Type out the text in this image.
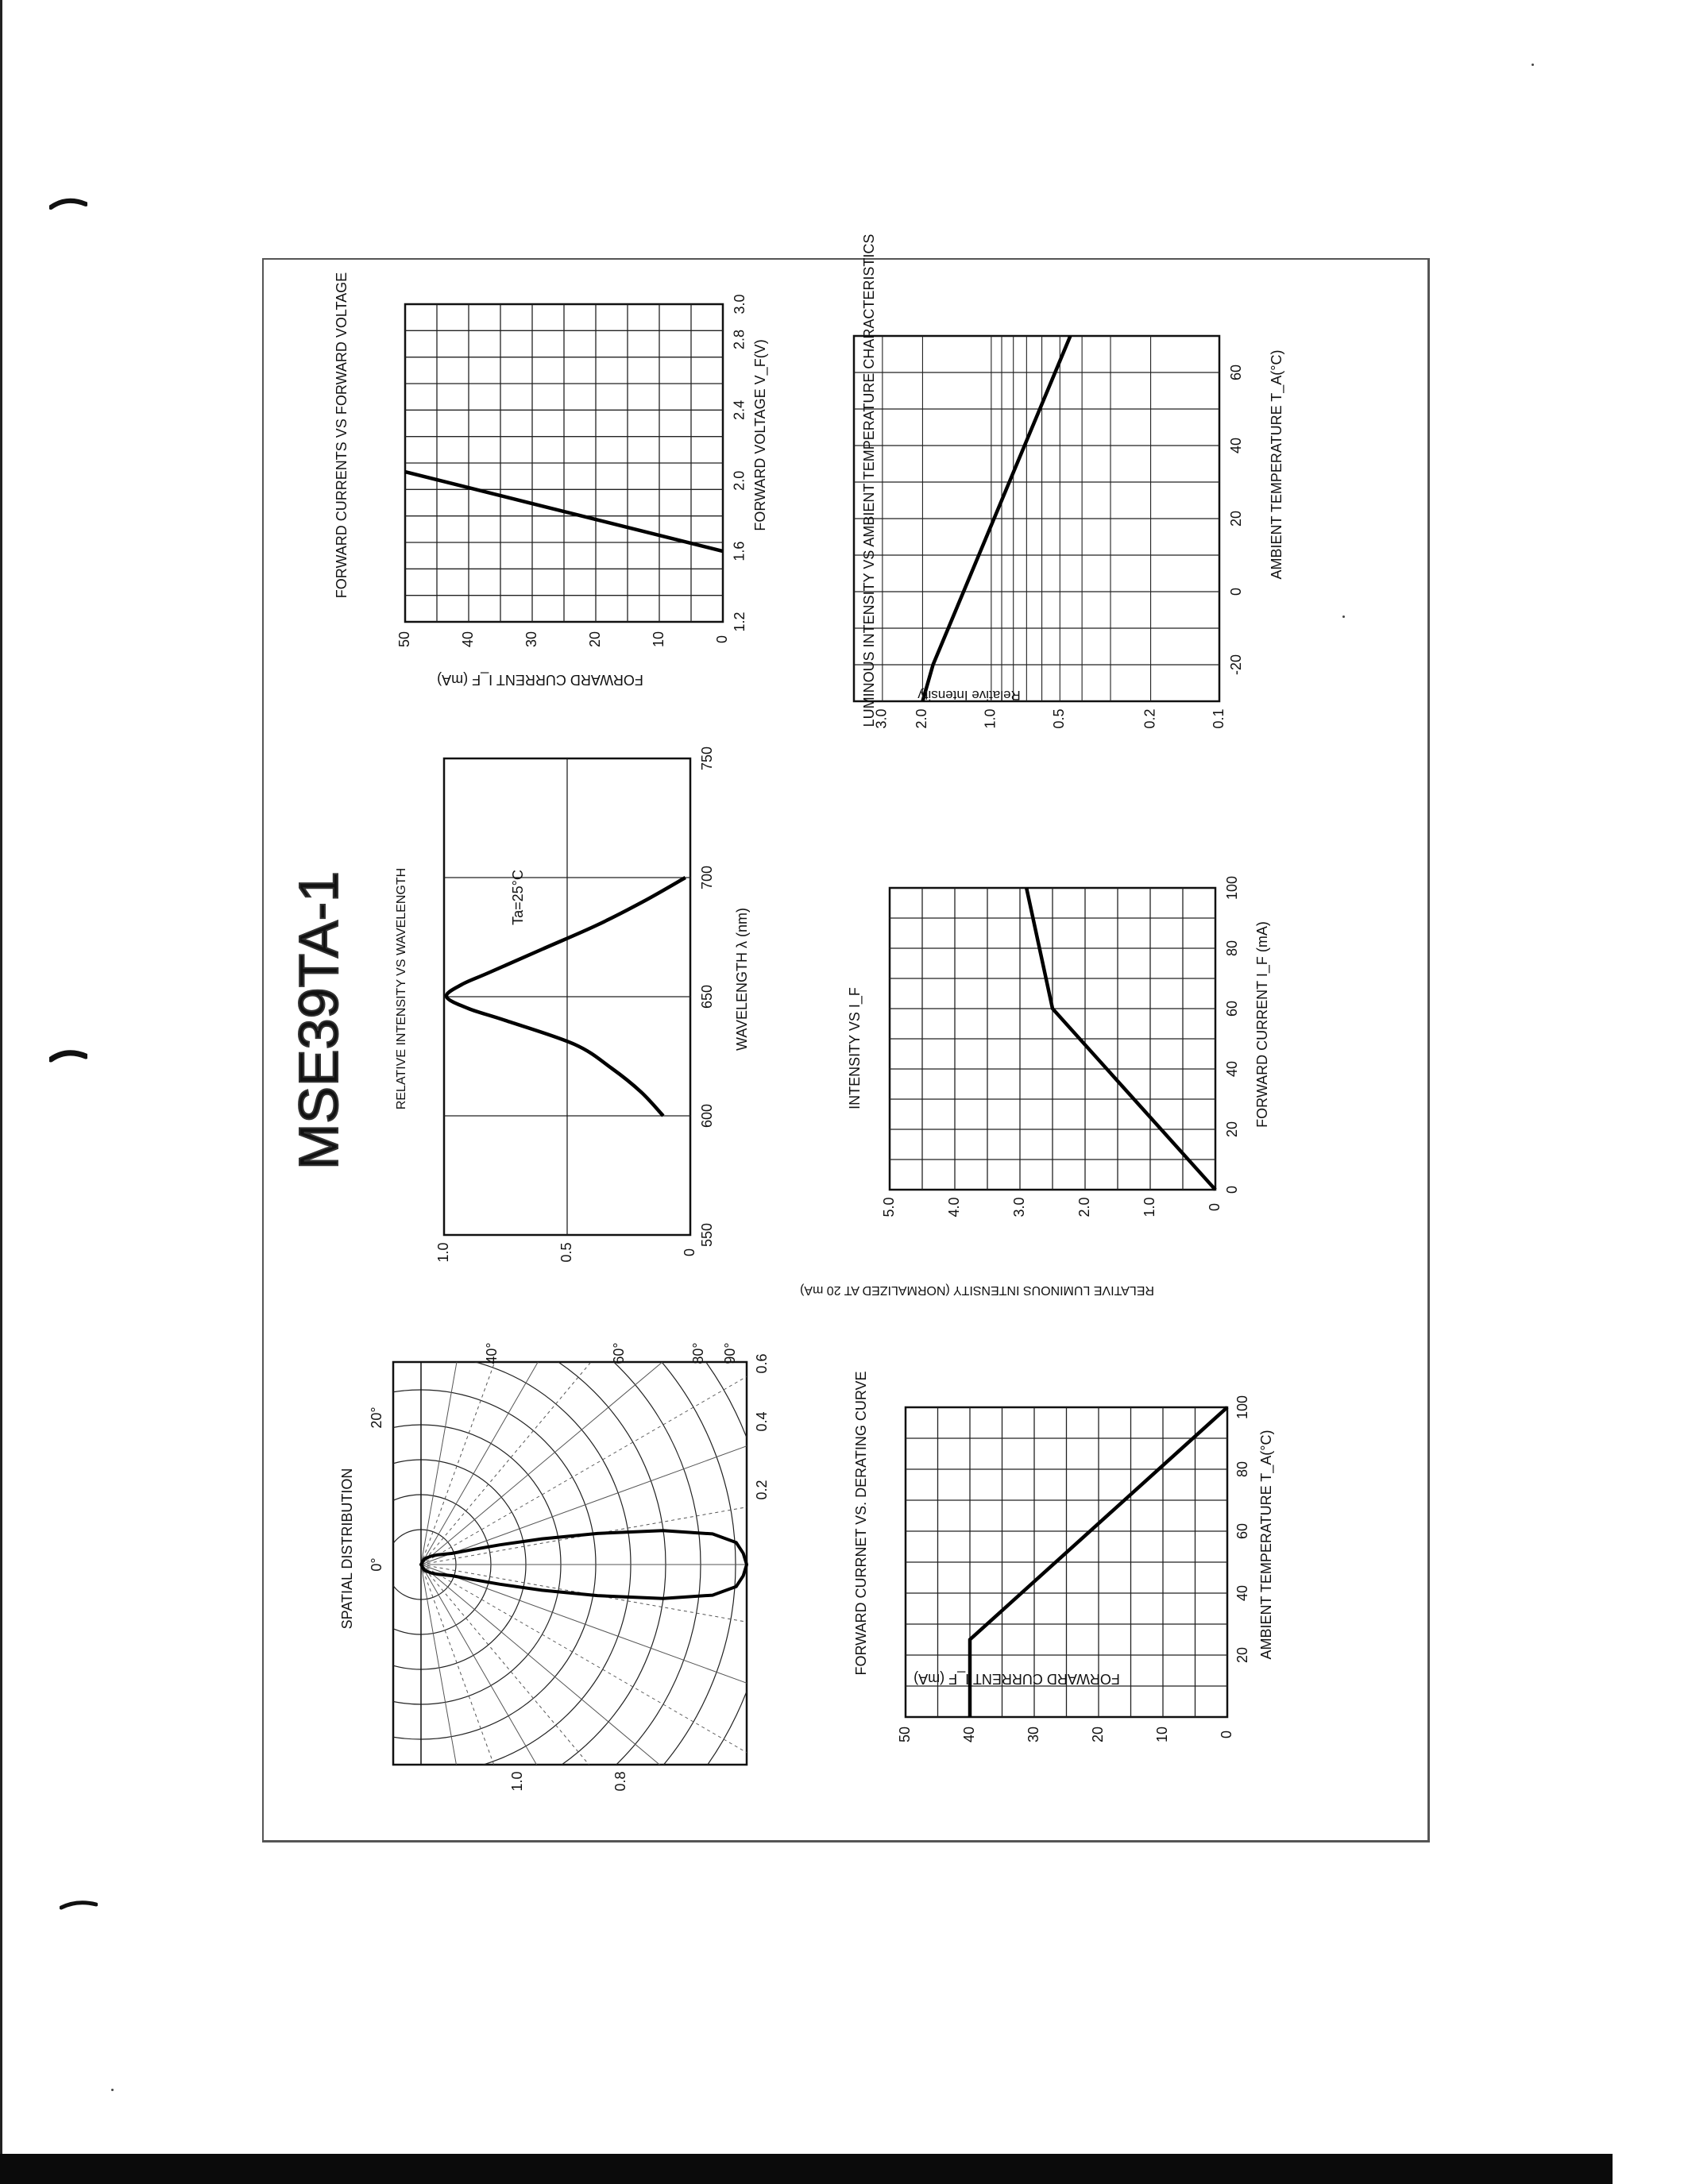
MSE39TA-1
1.2
1.6
2.0
2.4
2.8
3.0
0
10
20
30
40
50
FORWARD CURRENTS VS FORWARD VOLTAGE	FORWARD VOLTAGE V_F(V)
FORWARD CURRENT I_F (mA)
550
600
650
700
750
0
0.5
1.0
RELATIVE INTENSITY VS WAVELENGTH	WAVELENGTH λ (nm)
Ta=25°C
0°
20°
40°	60°	80° 90°
0.2
0.4
0.6
0.8
1.0
SPATIAL DISTRIBUTION
-20
0
20
40
60
0.1
0.2
0.5
1.0
2.0
3.0
LUMINOUS INTENSITY VS AMBIENT TEMPERATURE CHARACTERISTICS	AMBIENT TEMPERATURE T_A(°C)
Relative Intensity
0
20
40
60
80
100
0
1.0
2.0
3.0
4.0
5.0
INTENSITY VS I_F	FORWARD CURRENT I_F (mA)
RELATIVE LUMINOUS INTENSITY (NORMALIZED AT 20 mA)
20
40
60
80
100
0
10
20
30
40
50
FORWARD CURRNET VS. DERATING CURVE	AMBIENT TEMPERATURE T_A(°C)
FORWARD CURRENT I_F (mA)
